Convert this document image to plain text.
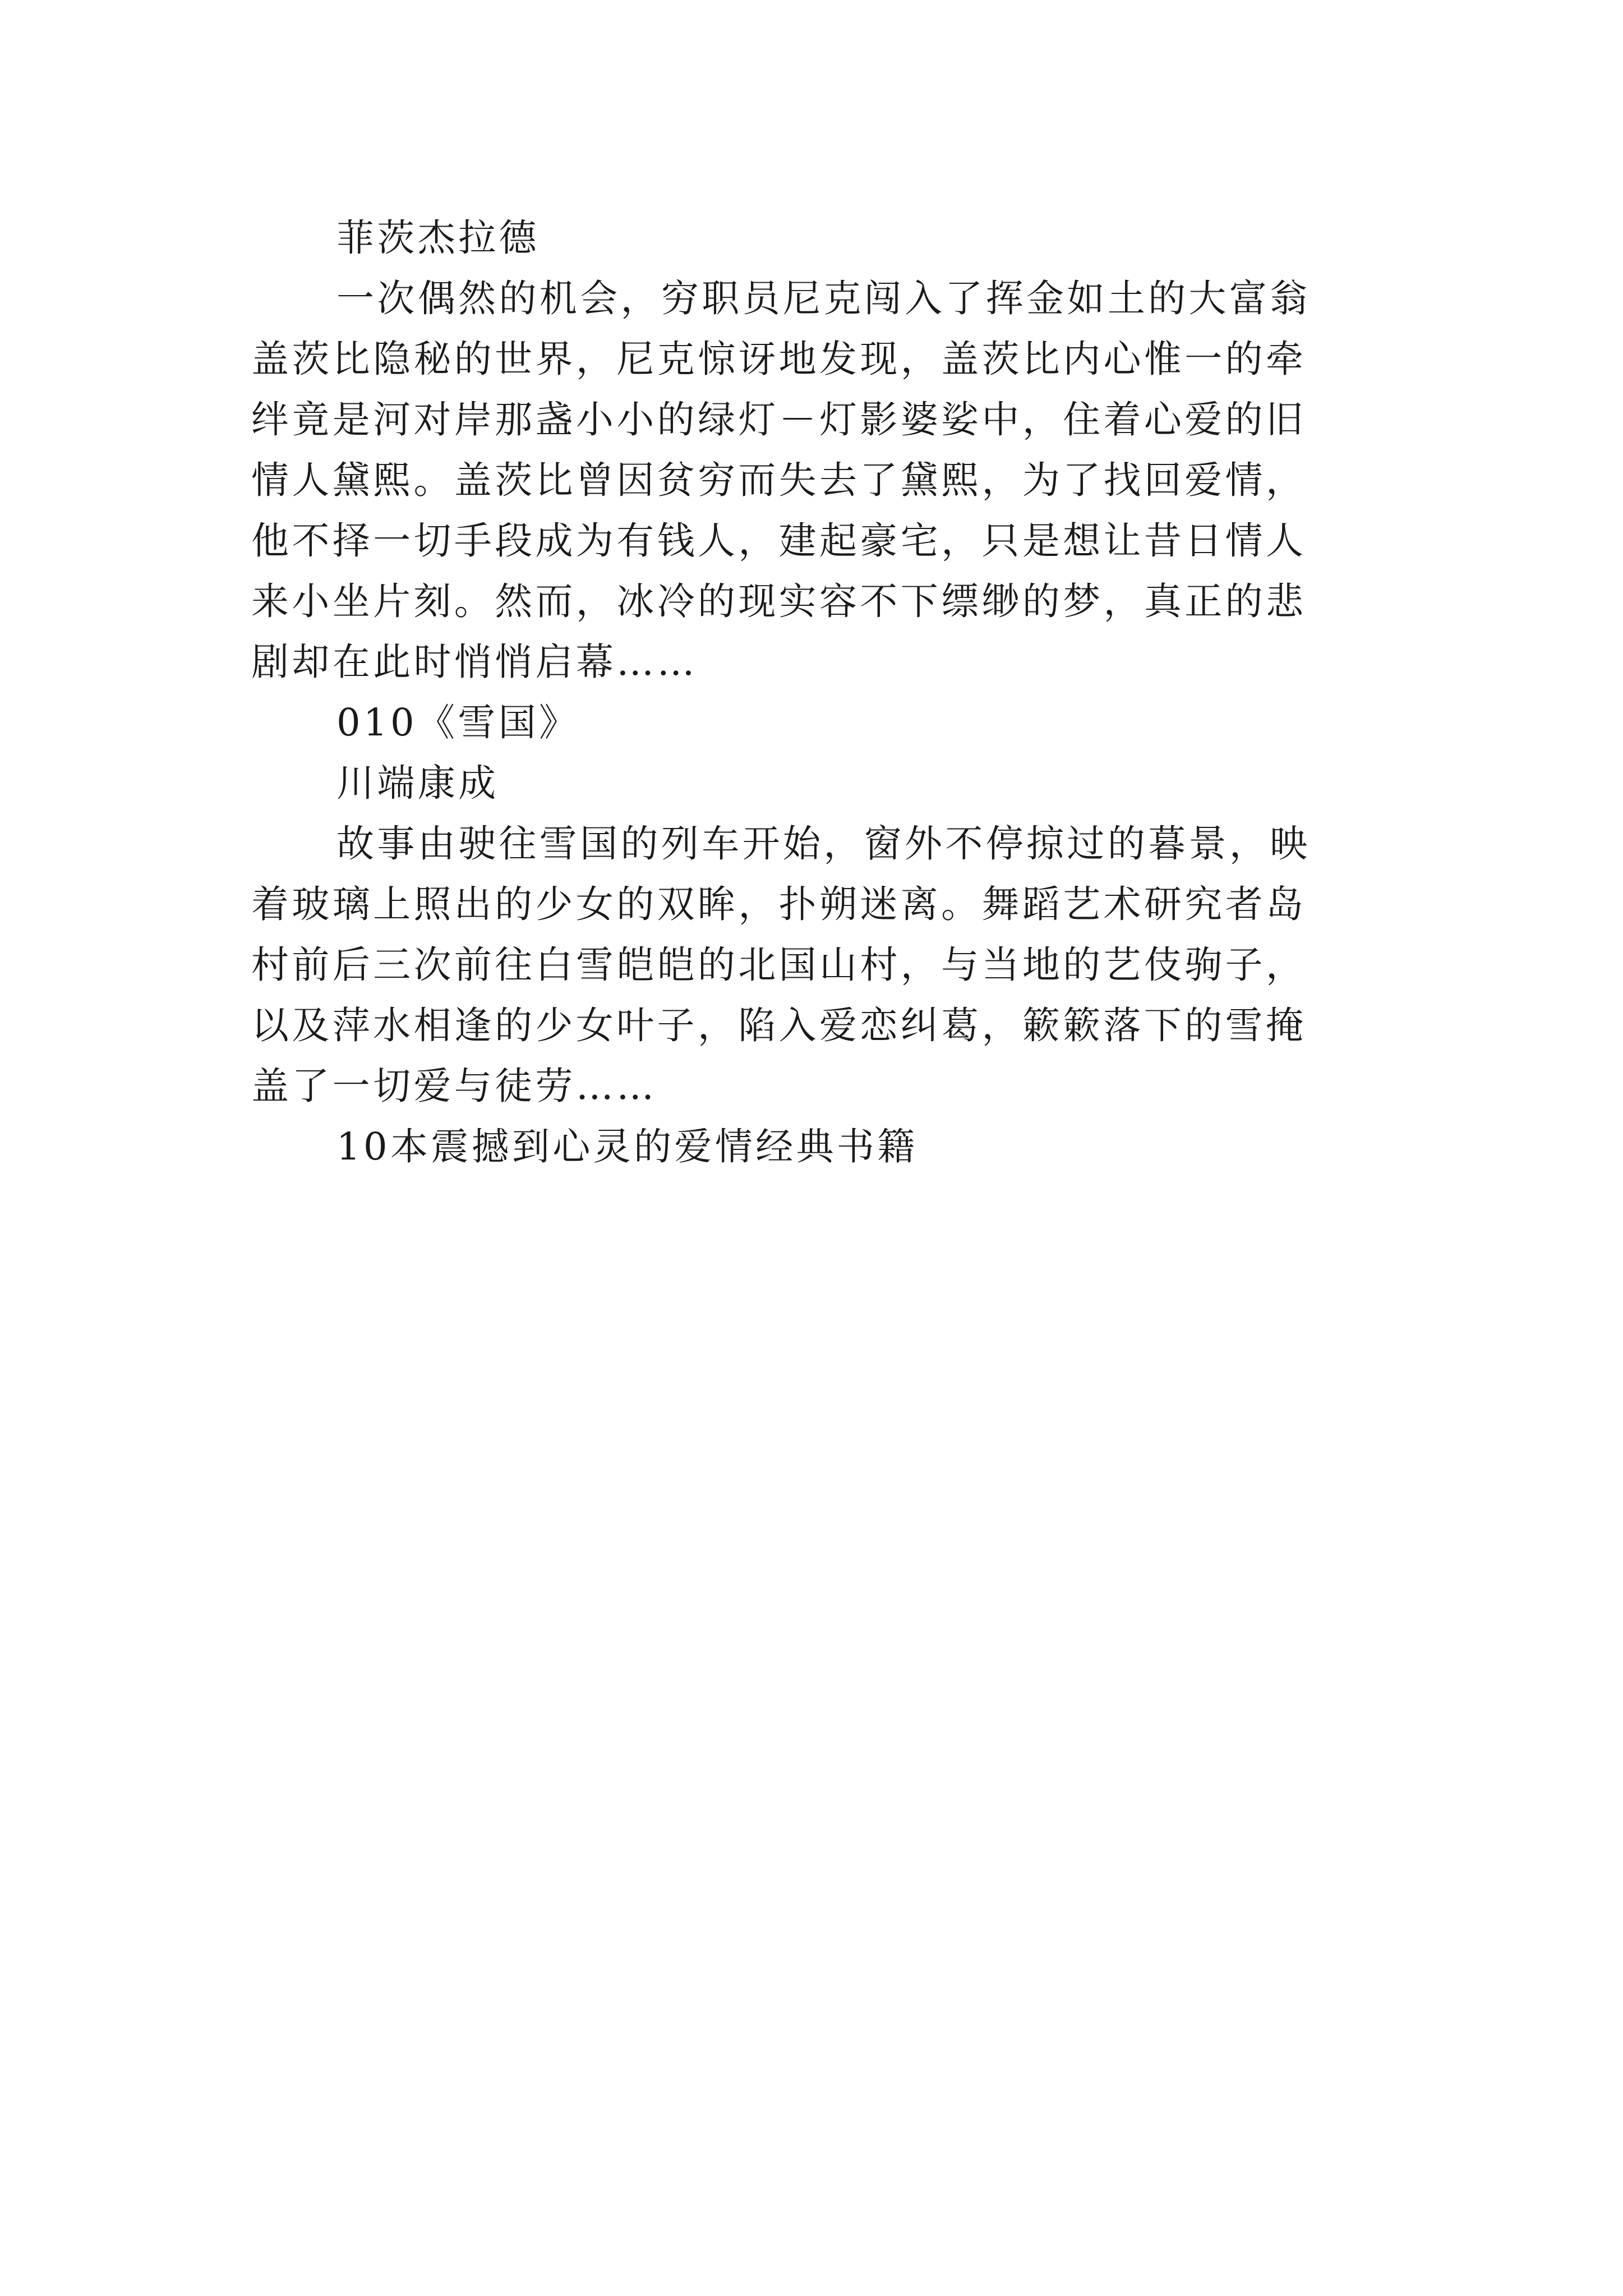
菲茨杰拉德
一次偶然的机会，穷职员尼克闯入了挥金如土的大富翁
盖茨比隐秘的世界，尼克惊讶地发现，盖茨比内心惟一的牵
绊竟是河对岸那盏小小的绿灯－灯影婆娑中，住着心爱的旧
情人黛熙。盖茨比曾因贫穷而失去了黛熙，为了找回爱情，
他不择一切手段成为有钱人，建起豪宅，只是想让昔日情人
来小坐片刻。然而，冰冷的现实容不下缥缈的梦，真正的悲
剧却在此时悄悄启幕……
010《雪国》
川端康成
故事由驶往雪国的列车开始，窗外不停掠过的暮景，映
着玻璃上照出的少女的双眸，扑朔迷离。舞蹈艺术研究者岛
村前后三次前往白雪皑皑的北国山村，与当地的艺伎驹子，
以及萍水相逢的少女叶子，陷入爱恋纠葛，簌簌落下的雪掩
盖了一切爱与徒劳……
10本震撼到心灵的爱情经典书籍
